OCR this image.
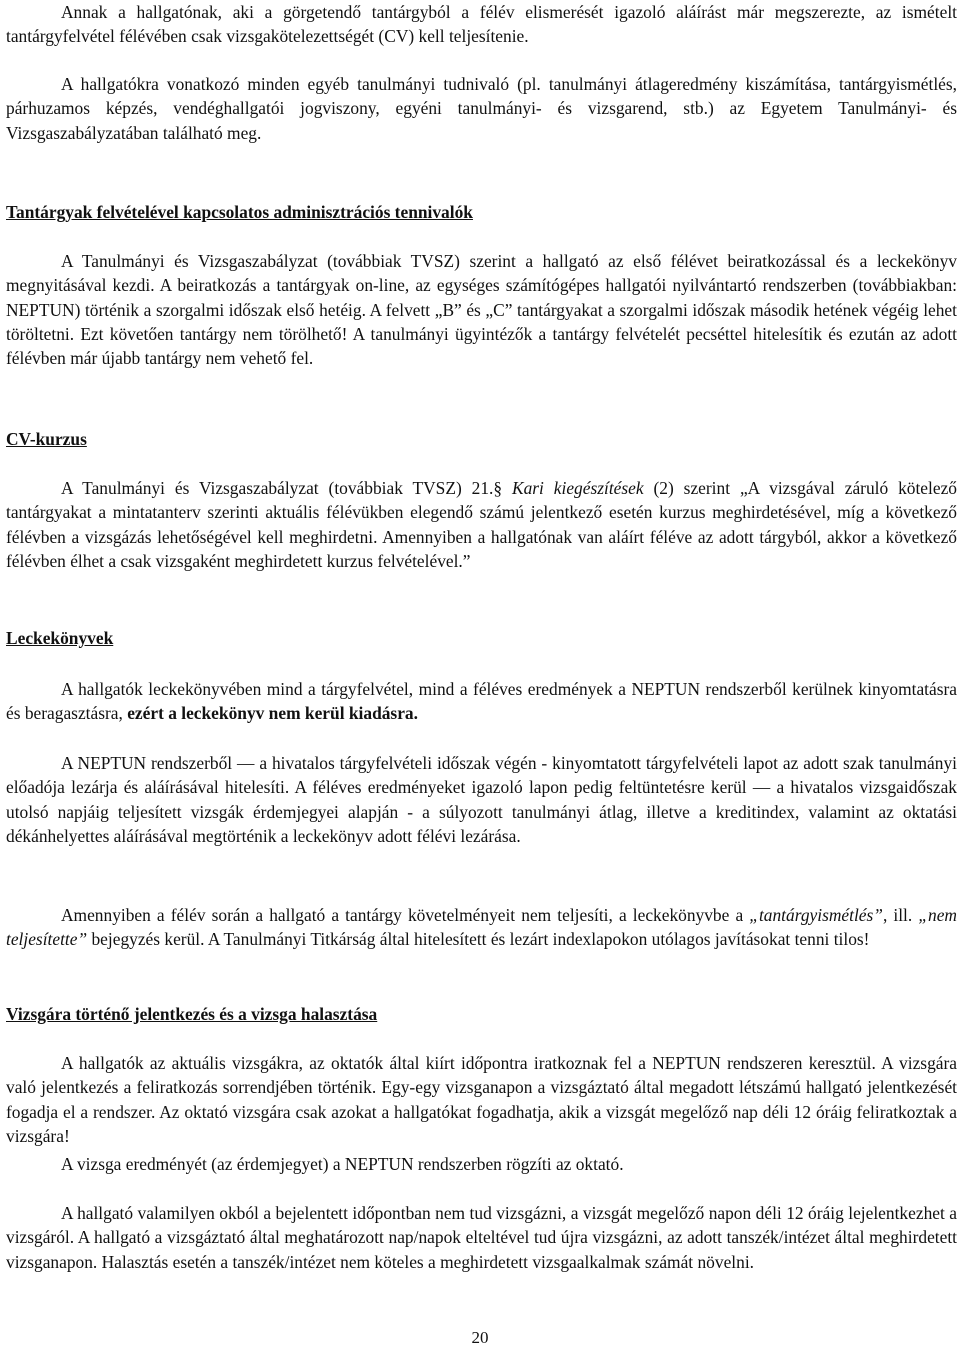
Annak a hallgatónak, aki a görgetendő tantárgyból a félév elismerését igazoló aláírást már megszerezte, az ismételt tantárgyfelvétel félévében csak vizsgakötelezettségét (CV) kell teljesítenie.

A hallgatókra vonatkozó minden egyéb tanulmányi tudnivaló (pl. tanulmányi átlageredmény kiszámítása, tantárgyismétlés, párhuzamos képzés, vendéghallgatói jogviszony, egyéni tanulmányi- és vizsgarend, stb.) az Egyetem Tanulmányi- és Vizsgaszabályzatában található meg.

Tantárgyak felvételével kapcsolatos adminisztrációs tennivalók

A Tanulmányi és Vizsgaszabályzat (továbbiak TVSZ) szerint a hallgató az első félévet beiratkozással és a leckekönyv megnyitásával kezdi. A beiratkozás a tantárgyak on-line, az egységes számítógépes hallgatói nyilvántartó rendszerben (továbbiakban: NEPTUN) történik a szorgalmi időszak első hetéig. A felvett „B” és „C” tantárgyakat a szorgalmi időszak második hetének végéig lehet töröltetni. Ezt követően tantárgy nem törölhető! A tanulmányi ügyintézők a tantárgy felvételét pecséttel hitelesítik és ezután az adott félévben már újabb tantárgy nem vehető fel.

CV-kurzus

A Tanulmányi és Vizsgaszabályzat (továbbiak TVSZ) 21.§ Kari kiegészítések (2) szerint „A vizsgával záruló kötelező tantárgyakat a mintatanterv szerinti aktuális félévükben elegendő számú jelentkező esetén kurzus meghirdetésével, míg a következő félévben a vizsgázás lehetőségével kell meghirdetni. Amennyiben a hallgatónak van aláírt féléve az adott tárgyból, akkor a következő félévben élhet a csak vizsgaként meghirdetett kurzus felvételével.”

Leckekönyvek

A hallgatók leckekönyvében mind a tárgyfelvétel, mind a féléves eredmények a NEPTUN rendszerből kerülnek kinyomtatásra és beragasztásra, ezért a leckekönyv nem kerül kiadásra.

A NEPTUN rendszerből — a hivatalos tárgyfelvételi időszak végén - kinyomtatott tárgyfelvételi lapot az adott szak tanulmányi előadója lezárja és aláírásával hitelesíti. A féléves eredményeket igazoló lapon pedig feltüntetésre kerül — a hivatalos vizsgaidőszak utolsó napjáig teljesített vizsgák érdemjegyei alapján - a súlyozott tanulmányi átlag, illetve a kreditindex, valamint az oktatási dékánhelyettes aláírásával megtörténik a leckekönyv adott félévi lezárása.

Amennyiben a félév során a hallgató a tantárgy követelményeit nem teljesíti, a leckekönyvbe a „tantárgyismétlés”, ill. „nem teljesítette” bejegyzés kerül. A Tanulmányi Titkárság által hitelesített és lezárt indexlapokon utólagos javításokat tenni tilos!

Vizsgára történő jelentkezés és a vizsga halasztása

A hallgatók az aktuális vizsgákra, az oktatók által kiírt időpontra iratkoznak fel a NEPTUN rendszeren keresztül. A vizsgára való jelentkezés a feliratkozás sorrendjében történik. Egy-egy vizsganapon a vizsgáztató által megadott létszámú hallgató jelentkezését fogadja el a rendszer. Az oktató vizsgára csak azokat a hallgatókat fogadhatja, akik a vizsgát megelőző nap déli 12 óráig feliratkoztak a vizsgára!

A vizsga eredményét (az érdemjegyet) a NEPTUN rendszerben rögzíti az oktató.

A hallgató valamilyen okból a bejelentett időpontban nem tud vizsgázni, a vizsgát megelőző napon déli 12 óráig lejelentkezhet a vizsgáról. A hallgató a vizsgáztató által meghatározott nap/napok elteltével tud újra vizsgázni, az adott tanszék/intézet által meghirdetett vizsganapon. Halasztás esetén a tanszék/intézet nem köteles a meghirdetett vizsgaalkalmak számát növelni.

20
